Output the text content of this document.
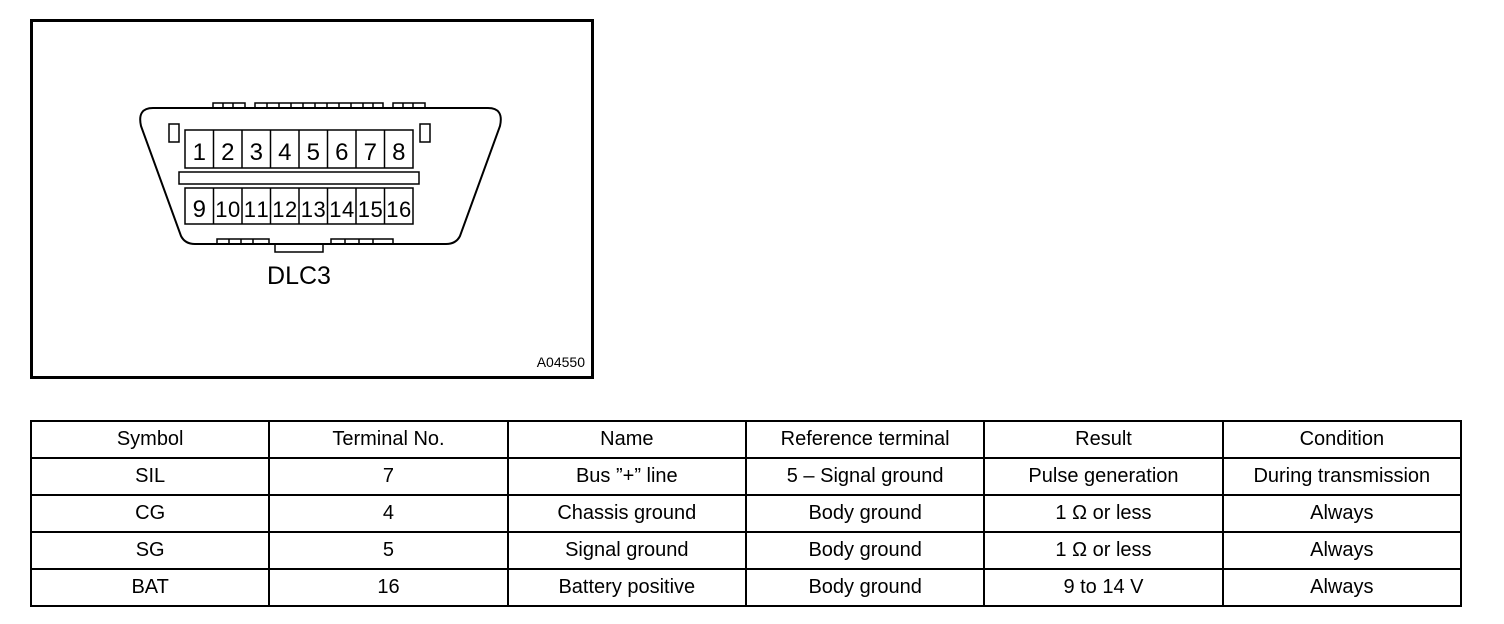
1 2 3 4 5 6 7 8
9 10 11 12 13 14 15 16
DLC3
A04550
Symbol	Terminal No.	Name	Reference terminal	Result	Condition
SIL	7	Bus ”+” line	5 – Signal ground	Pulse generation	During transmission
CG	4	Chassis ground	Body ground	1 Ω or less	Always
SG	5	Signal ground	Body ground	1 Ω or less	Always
BAT	16	Battery positive	Body ground	9 to 14 V	Always
